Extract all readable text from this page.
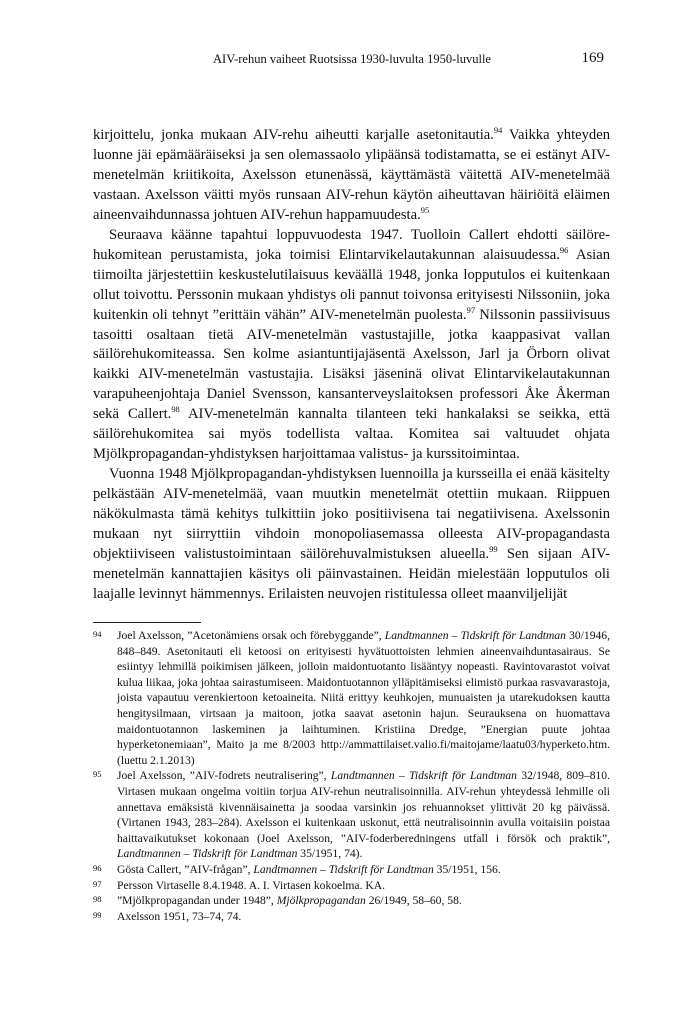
AIV-rehun vaiheet Ruotsissa 1930-luvulta 1950-luvulle	169

kirjoittelu, jonka mukaan AIV-rehu aiheutti karjalle asetonitautia.$^{94}$ Vaikka yhteyden luonne jäi epämääräiseksi ja sen olemassaolo ylipäänsä todistamatta, se ei estänyt AIV-menetelmän kriitikoita, Axelsson etunenässä, käyttämästä väitettä AIV-menetelmää vastaan. Axelsson väitti myös runsaan AIV-rehun käytön aiheuttavan häiriöitä eläimen aineenvaihdunnassa johtuen AIV-rehun happamuudesta.$^{95}$

Seuraava käänne tapahtui loppuvuodesta 1947. Tuolloin Callert ehdotti säilörehukomitean perustamista, joka toimisi Elintarvikelautakunnan alaisuudessa.$^{96}$ Asian tiimoilta järjestettiin keskustelutilaisuus keväällä 1948, jonka lopputulos ei kuitenkaan ollut toivottu. Perssonin mukaan yhdistys oli pannut toivonsa erityisesti Nilssoniin, joka kuitenkin oli tehnyt ”erittäin vähän” AIV-menetelmän puolesta.$^{97}$ Nilssonin passiivisuus tasoitti osaltaan tietä AIV-menetelmän vastustajille, jotka kaappasivat vallan säilörehukomiteassa. Sen kolme asiantuntijajäsentä Axelsson, Jarl ja Örborn olivat kaikki AIV-menetelmän vastustajia. Lisäksi jäseninä olivat Elintarvikelautakunnan varapuheenjohtaja Daniel Svensson, kansanterveyslaitoksen professori Åke Åkerman sekä Callert.$^{98}$ AIV-menetelmän kannalta tilanteen teki hankalaksi se seikka, että säilörehukomitea sai myös todellista valtaa. Komitea sai valtuudet ohjata Mjölkpropagandan-yhdistyksen harjoittamaa valistus- ja kurssitoimintaa.

Vuonna 1948 Mjölkpropagandan-yhdistyksen luennoilla ja kursseilla ei enää käsitelty pelkästään AIV-menetelmää, vaan muutkin menetelmät otettiin mukaan. Riippuen näkökulmasta tämä kehitys tulkittiin joko positiivisena tai negatiivisena. Axelssonin mukaan nyt siirryttiin vihdoin monopoliasemassa olleesta AIV-propagandasta objektiiviseen valistustoimintaan säilörehuvalmistuksen alueella.$^{99}$ Sen sijaan AIV-menetelmän kannattajien käsitys oli päinvastainen. Heidän mielestään lopputulos oli laajalle levinnyt hämmennys. Erilaisten neuvojen ristitulessa olleet maanviljelijät

94 Joel Axelsson, ”Acetonämiens orsak och förebyggande”, Landtmannen – Tidskrift för Landtman 30/1946, 848–849. Asetonitauti eli ketoosi on erityisesti hyvätuottoisten lehmien aineenvaihduntasairaus. Se esiintyy lehmillä poikimisen jälkeen, jolloin maidontuotanto lisääntyy nopeasti. Ravintovarastot voivat kulua liikaa, joka johtaa sairastumiseen. Maidontuotannon ylläpitämiseksi elimistö purkaa rasvavarastoja, joista vapautuu verenkiertoon ketoaineita. Niitä erittyy keuhkojen, munuaisten ja utarekudoksen kautta hengitysilmaan, virtsaan ja maitoon, jotka saavat asetonin hajun. Seurauksena on huomattava maidontuotannon laskeminen ja laihtuminen. Kristiina Dredge, ”Energian puute johtaa hyperketonemiaan”, Maito ja me 8/2003 http://ammattilaiset.valio.fi/maitojame/laatu03/hyperketo.htm. (luettu 2.1.2013)
95 Joel Axelsson, ”AIV-fodrets neutralisering”, Landtmannen – Tidskrift för Landtman 32/1948, 809–810. Virtasen mukaan ongelma voitiin torjua AIV-rehun neutralisoinnilla. AIV-rehun yhteydessä lehmille oli annettava emäksistä kivennäisainetta ja soodaa varsinkin jos rehuannokset ylittivät 20 kg päivässä. (Virtanen 1943, 283–284). Axelsson ei kuitenkaan uskonut, että neutralisoinnin avulla voitaisiin poistaa haittavaikutukset kokonaan (Joel Axelsson, ”AIV-foderberedningens utfall i försök och praktik”, Landtmannen – Tidskrift för Landtman 35/1951, 74).
96 Gösta Callert, ”AIV-frågan”, Landtmannen – Tidskrift för Landtman 35/1951, 156.
97 Persson Virtaselle 8.4.1948. A. I. Virtasen kokoelma. KA.
98 ”Mjölkpropagandan under 1948”, Mjölkpropagandan 26/1949, 58–60, 58.
99 Axelsson 1951, 73–74, 74.
